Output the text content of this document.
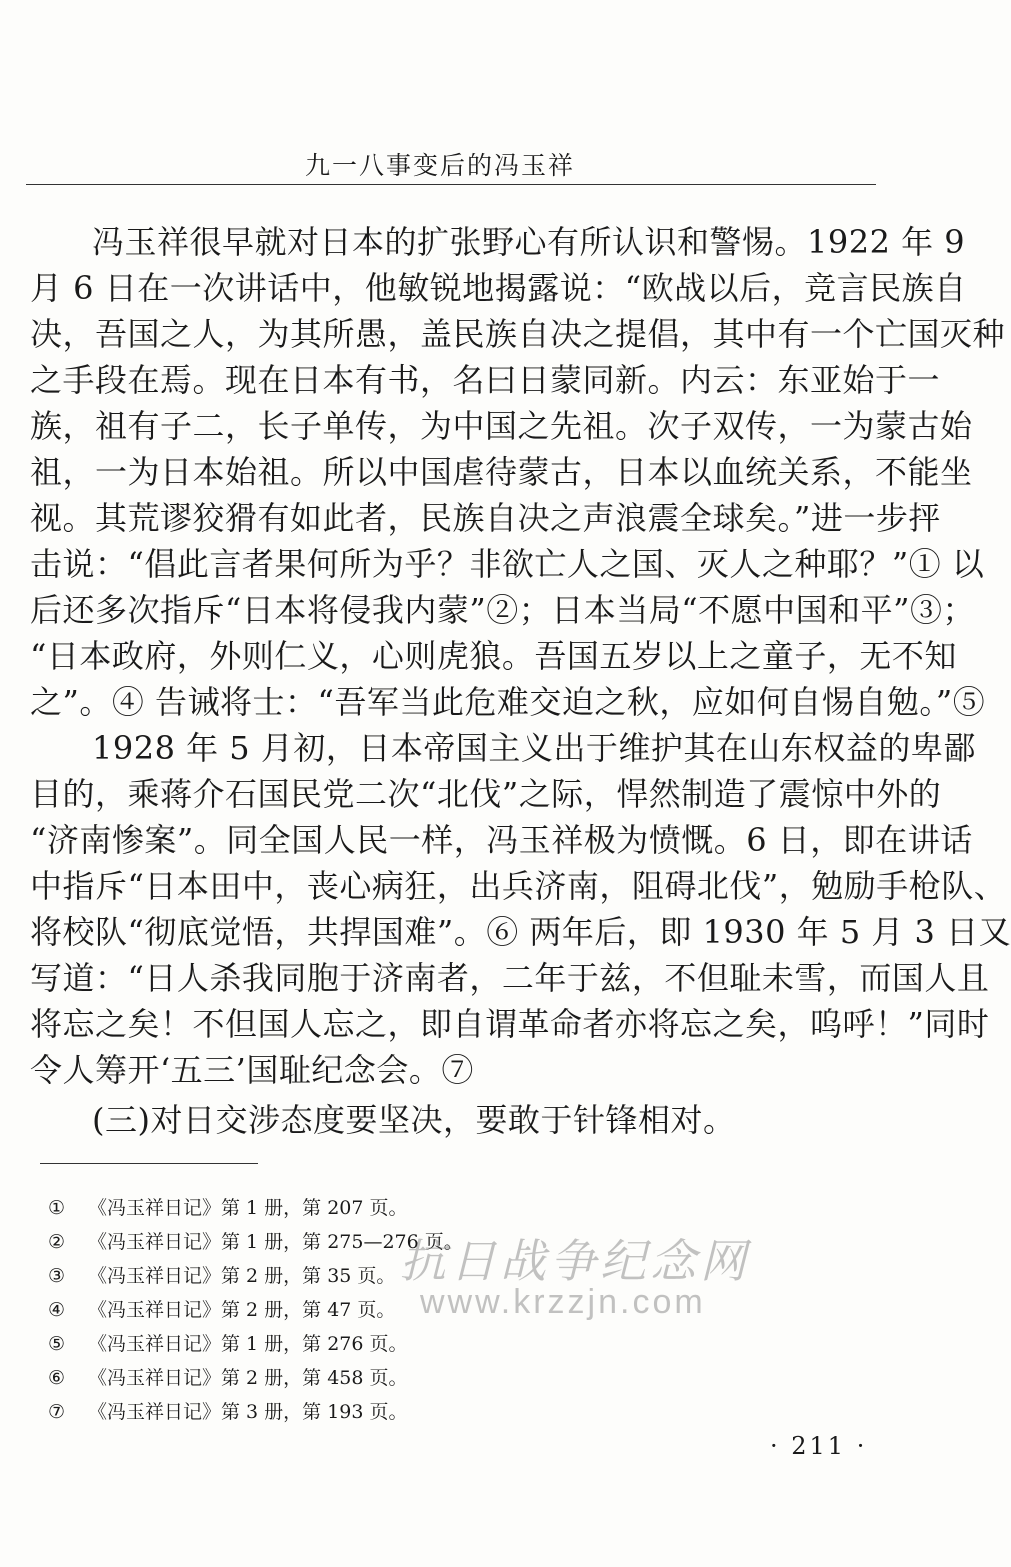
九一八事变后的冯玉祥
冯玉祥很早就对日本的扩张野心有所认识和警惕。1922 年 9
月 6 日在一次讲话中，他敏锐地揭露说：“欧战以后，竞言民族自
决，吾国之人，为其所愚，盖民族自决之提倡，其中有一个亡国灭种
之手段在焉。现在日本有书，名曰日蒙同新。内云：东亚始于一
族，祖有子二，长子单传，为中国之先祖。次子双传，一为蒙古始
祖，一为日本始祖。所以中国虐待蒙古，日本以血统关系，不能坐
视。其荒谬狡猾有如此者，民族自决之声浪震全球矣。”进一步抨
击说：“倡此言者果何所为乎？非欲亡人之国、灭人之种耶？”① 以
后还多次指斥“日本将侵我内蒙”②；日本当局“不愿中国和平”③；
“日本政府，外则仁义，心则虎狼。吾国五岁以上之童子，无不知
之”。④ 告诫将士：“吾军当此危难交迫之秋，应如何自惕自勉。”⑤
1928 年 5 月初，日本帝国主义出于维护其在山东权益的卑鄙
目的，乘蒋介石国民党二次“北伐”之际，悍然制造了震惊中外的
“济南惨案”。同全国人民一样，冯玉祥极为愤慨。6 日，即在讲话
中指斥“日本田中，丧心病狂，出兵济南，阻碍北伐”，勉励手枪队、
将校队“彻底觉悟，共捍国难”。⑥ 两年后，即 1930 年 5 月 3 日又
写道：“日人杀我同胞于济南者，二年于兹，不但耻未雪，而国人且
将忘之矣！不但国人忘之，即自谓革命者亦将忘之矣，呜呼！”同时
令人筹开‘五三’国耻纪念会。⑦
(三)对日交涉态度要坚决，要敢于针锋相对。
① 《冯玉祥日记》第 1 册，第 207 页。
② 《冯玉祥日记》第 1 册，第 275—276 页。
③ 《冯玉祥日记》第 2 册，第 35 页。
④ 《冯玉祥日记》第 2 册，第 47 页。
⑤ 《冯玉祥日记》第 1 册，第 276 页。
⑥ 《冯玉祥日记》第 2 册，第 458 页。
⑦ 《冯玉祥日记》第 3 册，第 193 页。
抗日战争纪念网
www.krzzjn.com
· 211 ·
